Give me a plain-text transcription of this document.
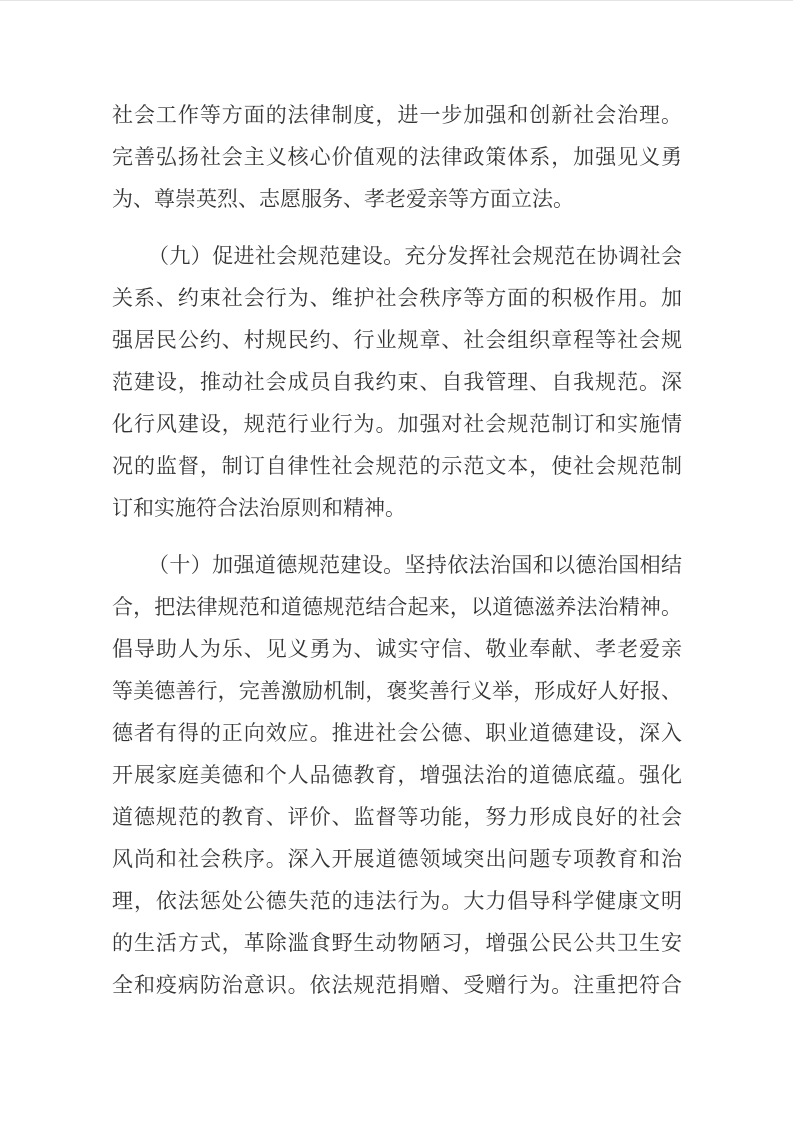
社会工作等方面的法律制度，进一步加强和创新社会治理。
完善弘扬社会主义核心价值观的法律政策体系，加强见义勇
为、尊崇英烈、志愿服务、孝老爱亲等方面立法。
（九）促进社会规范建设。充分发挥社会规范在协调社会
关系、约束社会行为、维护社会秩序等方面的积极作用。加
强居民公约、村规民约、行业规章、社会组织章程等社会规
范建设，推动社会成员自我约束、自我管理、自我规范。深
化行风建设，规范行业行为。加强对社会规范制订和实施情
况的监督，制订自律性社会规范的示范文本，使社会规范制
订和实施符合法治原则和精神。
（十）加强道德规范建设。坚持依法治国和以德治国相结
合，把法律规范和道德规范结合起来，以道德滋养法治精神。
倡导助人为乐、见义勇为、诚实守信、敬业奉献、孝老爱亲
等美德善行，完善激励机制，褒奖善行义举，形成好人好报、
德者有得的正向效应。推进社会公德、职业道德建设，深入
开展家庭美德和个人品德教育，增强法治的道德底蕴。强化
道德规范的教育、评价、监督等功能，努力形成良好的社会
风尚和社会秩序。深入开展道德领域突出问题专项教育和治
理，依法惩处公德失范的违法行为。大力倡导科学健康文明
的生活方式，革除滥食野生动物陋习，增强公民公共卫生安
全和疫病防治意识。依法规范捐赠、受赠行为。注重把符合
